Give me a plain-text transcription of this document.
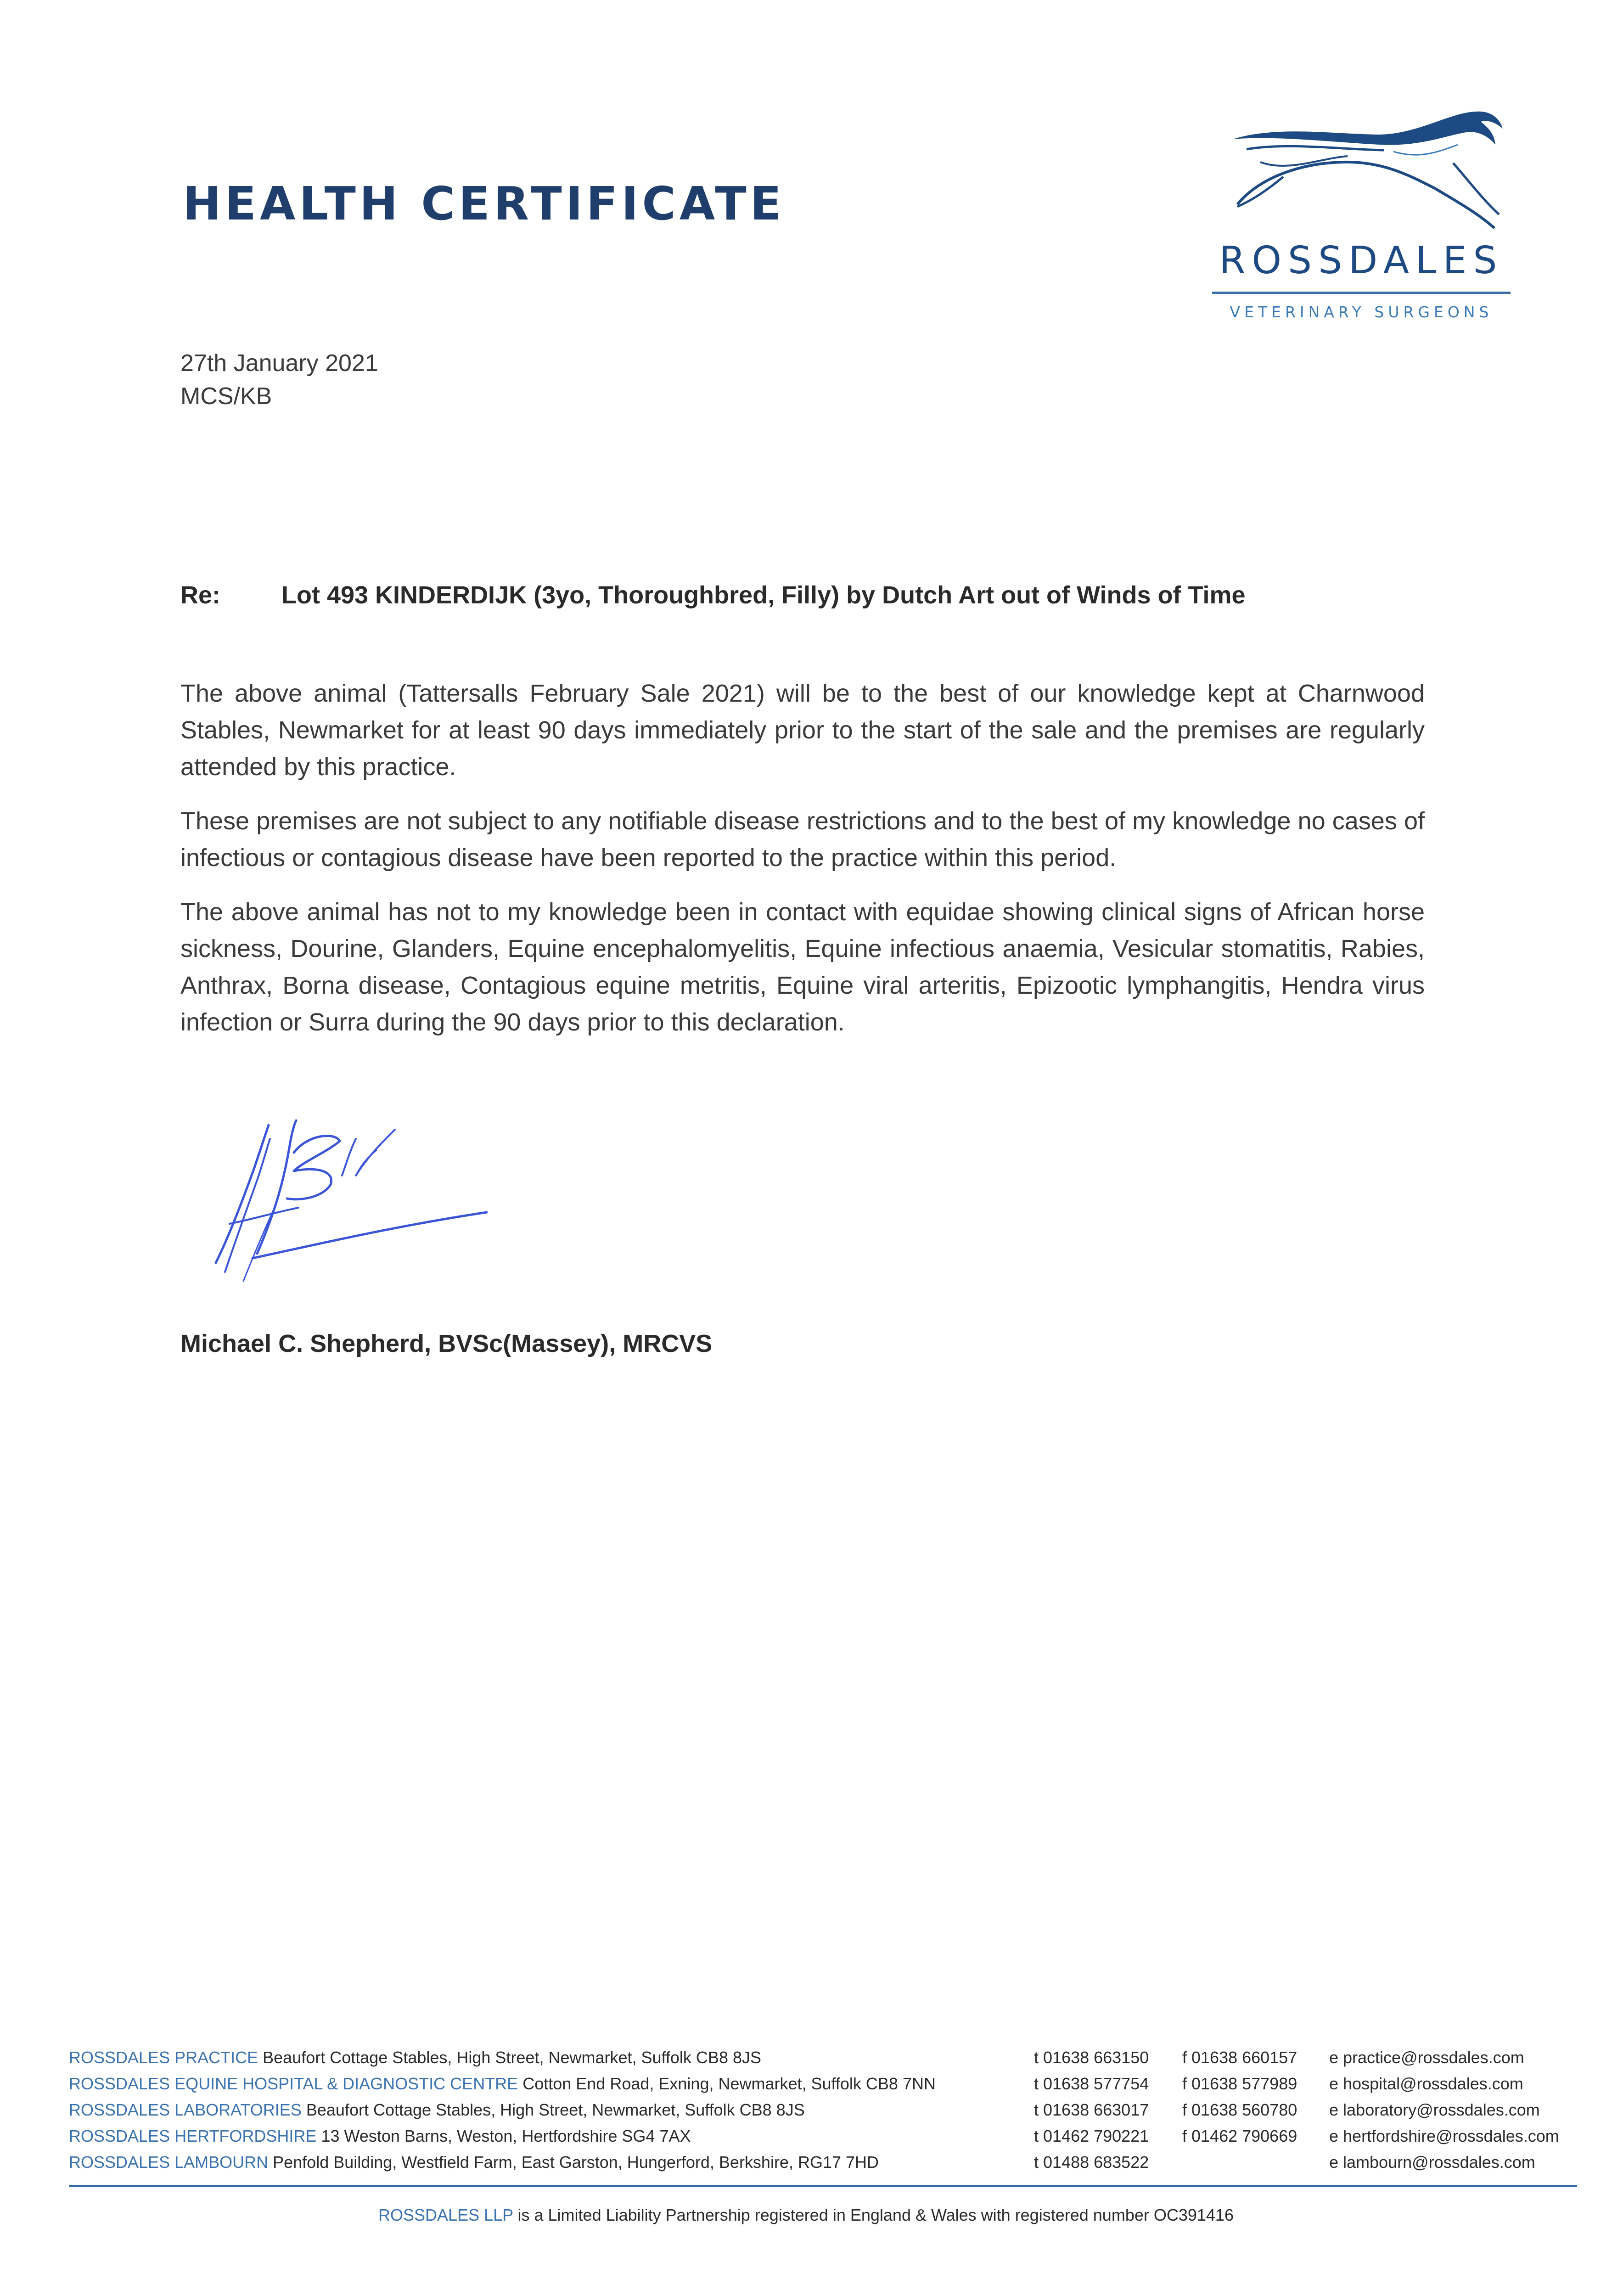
HEALTH CERTIFICATE
ROSSDALES
VETERINARY SURGEONS
27th January 2021
MCS/KB
Re: Lot 493 KINDERDIJK (3yo, Thoroughbred, Filly) by Dutch Art out of Winds of Time

The above animal (Tattersalls February Sale 2021) will be to the best of our knowledge kept at Charnwood Stables, Newmarket for at least 90 days immediately prior to the start of the sale and the premises are regularly attended by this practice.

These premises are not subject to any notifiable disease restrictions and to the best of my knowledge no cases of infectious or contagious disease have been reported to the practice within this period.

The above animal has not to my knowledge been in contact with equidae showing clinical signs of African horse sickness, Dourine, Glanders, Equine encephalomyelitis, Equine infectious anaemia, Vesicular stomatitis, Rabies, Anthrax, Borna disease, Contagious equine metritis, Equine viral arteritis, Epizootic lymphangitis, Hendra virus infection or Surra during the 90 days prior to this declaration.

Michael C. Shepherd, BVSc(Massey), MRCVS
ROSSDALES PRACTICE Beaufort Cottage Stables, High Street, Newmarket, Suffolk CB8 8JS	t 01638 663150 f 01638 660157 e practice@rossdales.com
ROSSDALES EQUINE HOSPITAL & DIAGNOSTIC CENTRE Cotton End Road, Exning, Newmarket, Suffolk CB8 7NN	t 01638 577754 f 01638 577989 e hospital@rossdales.com
ROSSDALES LABORATORIES Beaufort Cottage Stables, High Street, Newmarket, Suffolk CB8 8JS	t 01638 663017 f 01638 560780 e laboratory@rossdales.com
ROSSDALES HERTFORDSHIRE 13 Weston Barns, Weston, Hertfordshire SG4 7AX	t 01462 790221 f 01462 790669 e hertfordshire@rossdales.com
ROSSDALES LAMBOURN Penfold Building, Westfield Farm, East Garston, Hungerford, Berkshire, RG17 7HD	t 01488 683522	e lambourn@rossdales.com
ROSSDALES LLP is a Limited Liability Partnership registered in England & Wales with registered number OC391416
